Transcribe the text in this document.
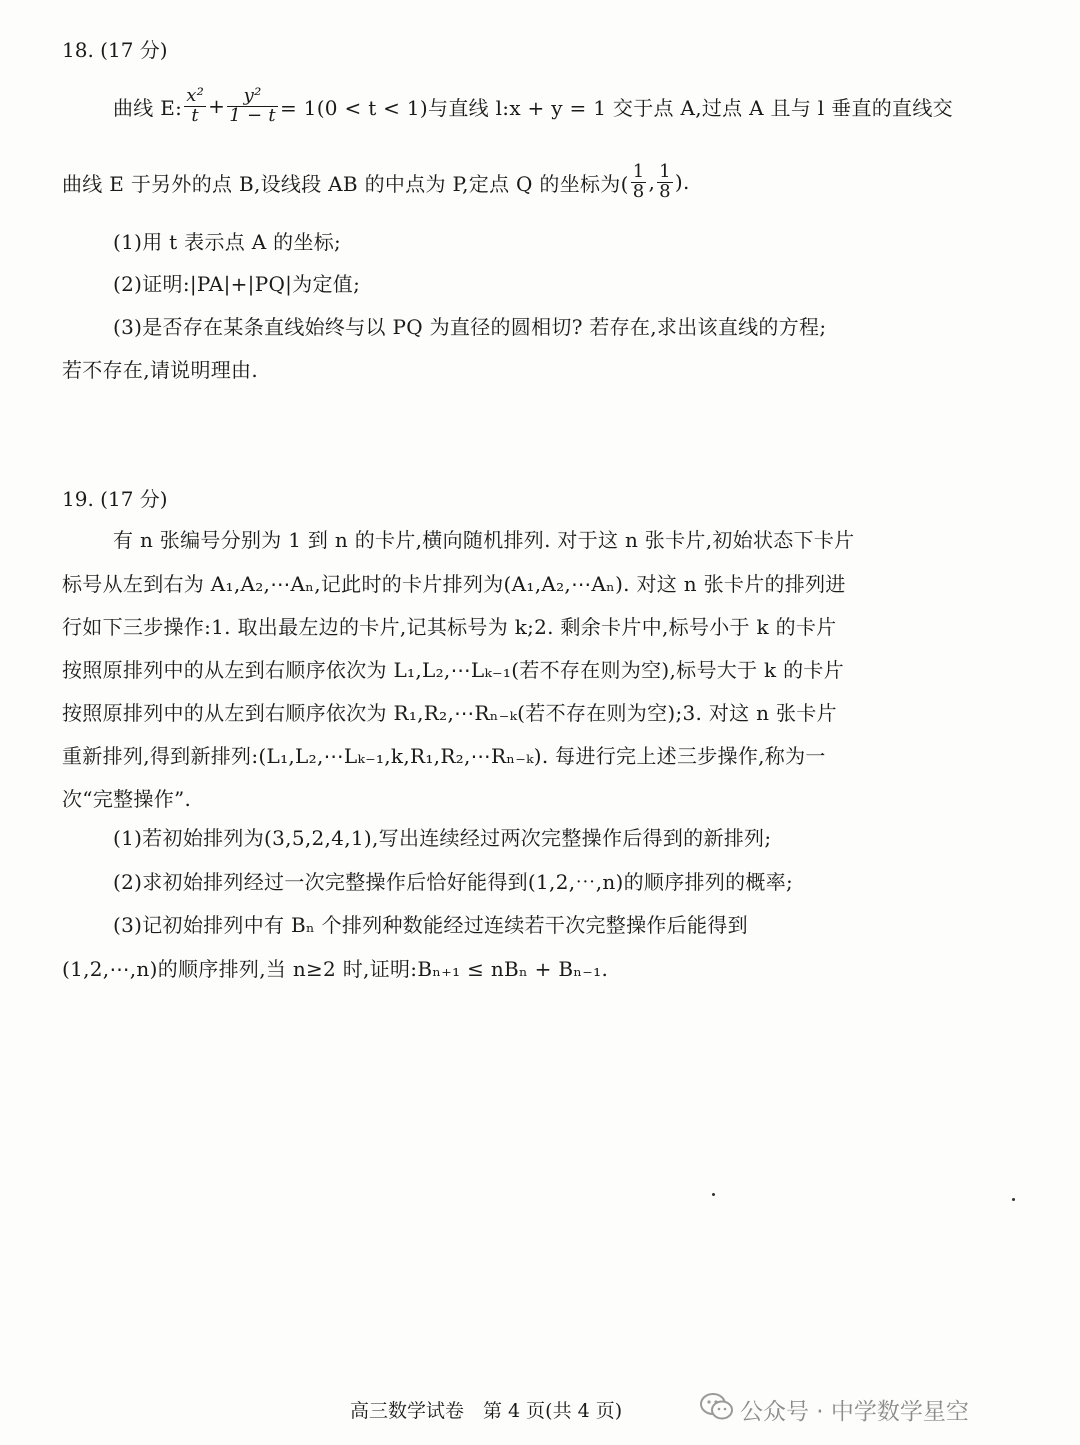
18. (17 分)
曲线 E: $\frac{\text{x²}}{t} + \frac{\text{y²}}{1 - t} = 1(0 < t < 1)$与直线 l:x + y = 1 交于点 A,过点 A 且与 l 垂直的直线交
曲线 E 于另外的点 B,设线段 AB 的中点为 P,定点 Q 的坐标为( $\frac{1}{8}$ , $\frac{1}{8}$ ).
(1)用 t 表示点 A 的坐标;
(2)证明:|PA|+|PQ|为定值;
(3)是否存在某条直线始终与以 PQ 为直径的圆相切? 若存在,求出该直线的方程;
若不存在,请说明理由.
19. (17 分)
有 n 张编号分别为 1 到 n 的卡片,横向随机排列. 对于这 n 张卡片,初始状态下卡片
标号从左到右为 A₁,A₂,⋯Aₙ,记此时的卡片排列为(A₁,A₂,⋯Aₙ). 对这 n 张卡片的排列进
行如下三步操作:1. 取出最左边的卡片,记其标号为 k;2. 剩余卡片中,标号小于 k 的卡片
按照原排列中的从左到右顺序依次为 L₁,L₂,⋯Lₖ₋₁(若不存在则为空),标号大于 k 的卡片
按照原排列中的从左到右顺序依次为 R₁,R₂,⋯Rₙ₋ₖ(若不存在则为空);3. 对这 n 张卡片
重新排列,得到新排列:(L₁,L₂,⋯Lₖ₋₁,k,R₁,R₂,⋯Rₙ₋ₖ). 每进行完上述三步操作,称为一
次“完整操作”.
(1)若初始排列为(3,5,2,4,1),写出连续经过两次完整操作后得到的新排列;
(2)求初始排列经过一次完整操作后恰好能得到(1,2,⋯,n)的顺序排列的概率;
(3)记初始排列中有 Bₙ 个排列种数能经过连续若干次完整操作后能得到
(1,2,⋯,n)的顺序排列,当 n≥2 时,证明:Bₙ₊₁ ≤ nBₙ + Bₙ₋₁.
高三数学试卷　第 4 页(共 4 页)	公众号 · 中学数学星空
